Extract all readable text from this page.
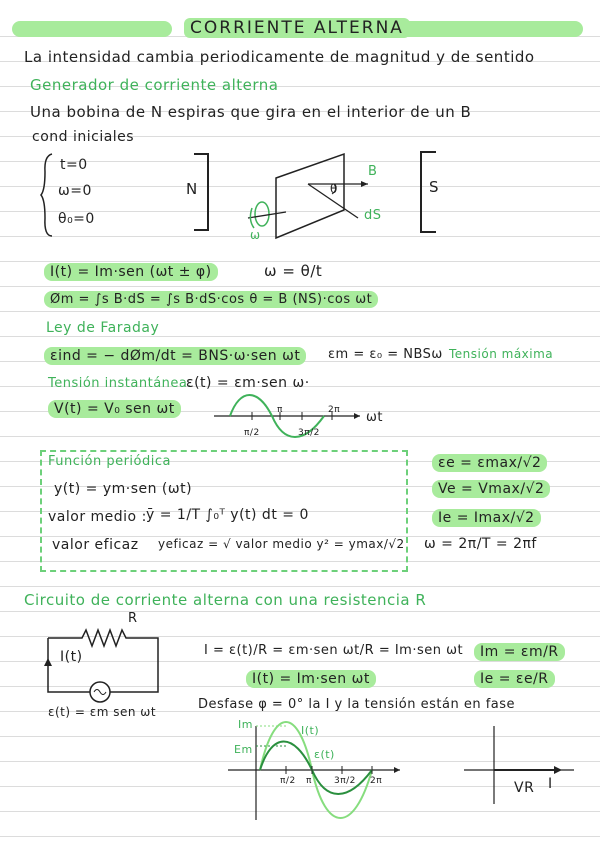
CORRIENTE ALTERNA
La intensidad cambia periodicamente de magnitud y de sentido
Generador de corriente alterna
Una bobina de N espiras que gira en el interior de un B
cond iniciales
t=0
ω=0
θ₀=0
N	S
B
dS
θ
ω
I(t) = Im·sen (ωt ± φ)	ω = θ/t
Øm = ∫s B·dS = ∫s B·dS·cos θ = B (NS)·cos ωt
Ley de Faraday
εind = − dØm/dt = BNS·ω·sen ωt	εm = ε₀ = NBSω Tensión máxima
Tensión instantánea.
ε(t) = εm·sen ω·
V(t) = V₀ sen ωt
π/2
π
3π/2
2π ωt
Función periódica
y(t) = ym·sen (ωt)
valor medio : ȳ = 1/T ∫₀ᵀ y(t) dt = 0
valor eficaz yeficaz = √ valor medio y² = ymax/√2
εe = εmax/√2
Ve = Vmax/√2
Ie = Imax/√2
ω = 2π/T = 2πf
Circuito de corriente alterna con una resistencia R
R
I(t)
ε(t) = εm sen ωt
I = ε(t)/R = εm·sen ωt/R = Im·sen ωt	Im = εm/R
I(t) = Im·sen ωt	Ie = εe/R
Desfase φ = 0° la I y la tensión están en fase
Im
Em
I(t)
ε(t)
π/2 π 3π/2 2π	VR I
